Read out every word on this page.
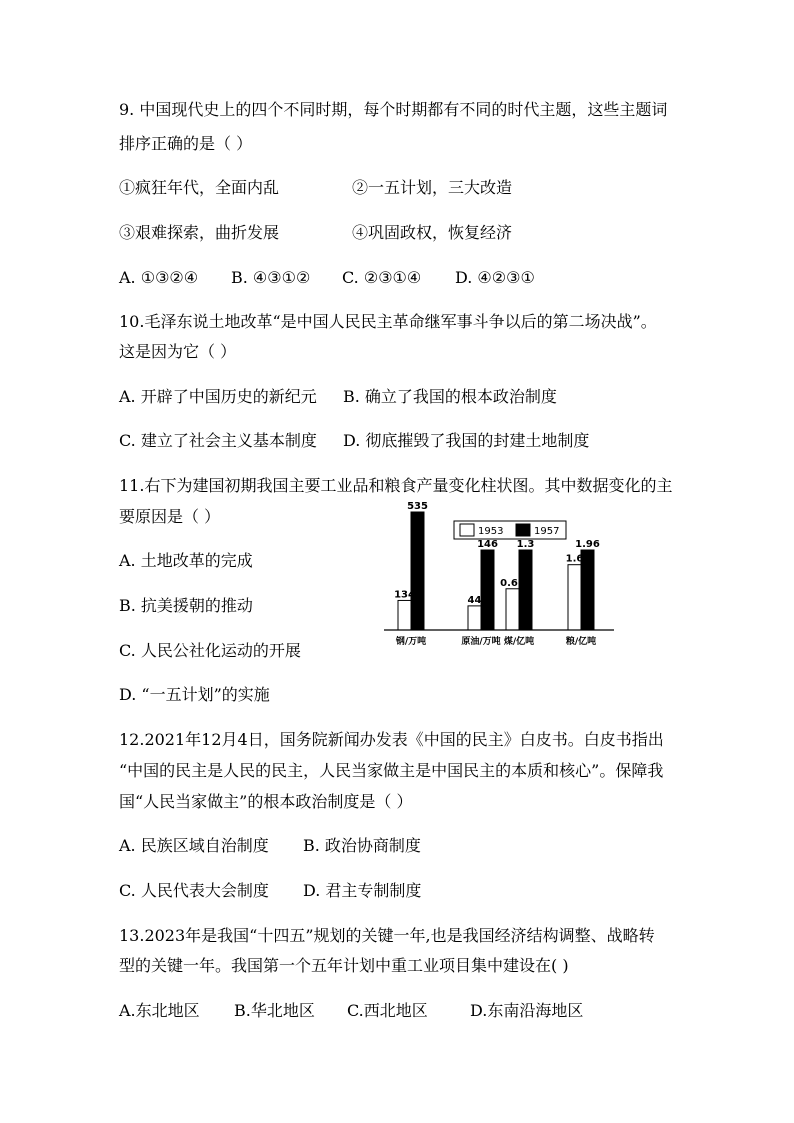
9. 中国现代史上的四个不同时期，每个时期都有不同的时代主题，这些主题词
排序正确的是（ ）
①疯狂年代，全面内乱	②一五计划，三大改造
③艰难探索，曲折发展	④巩固政权，恢复经济
A. ①③②④ B. ④③①② C. ②③①④ D. ④②③①
10.毛泽东说土地改革“是中国人民民主革命继军事斗争以后的第二场决战”。
这是因为它（ ）
A. 开辟了中国历史的新纪元 B. 确立了我国的根本政治制度
C. 建立了社会主义基本制度 D. 彻底摧毁了我国的封建土地制度
11.右下为建国初期我国主要工业品和粮食产量变化柱状图。其中数据变化的主
要原因是（ ）
A. 土地改革的完成
B. 抗美援朝的推动
C. 人民公社化运动的开展
D. “一五计划”的实施
134
535
44
146
0.67
1.3
1.6
1.96
钢/万吨	原油/万吨 煤/亿吨	粮/亿吨
1953	1957
12.2021年12月4日，国务院新闻办发表《中国的民主》白皮书。白皮书指出
“中国的民主是人民的民主，人民当家做主是中国民主的本质和核心”。保障我
国“人民当家做主”的根本政治制度是（ ）
A. 民族区域自治制度 B. 政治协商制度
C. 人民代表大会制度 D. 君主专制制度
13.2023年是我国“十四五”规划的关键一年,也是我国经济结构调整、战略转
型的关键一年。我国第一个五年计划中重工业项目集中建设在( )
A.东北地区 B.华北地区 C.西北地区	D.东南沿海地区
